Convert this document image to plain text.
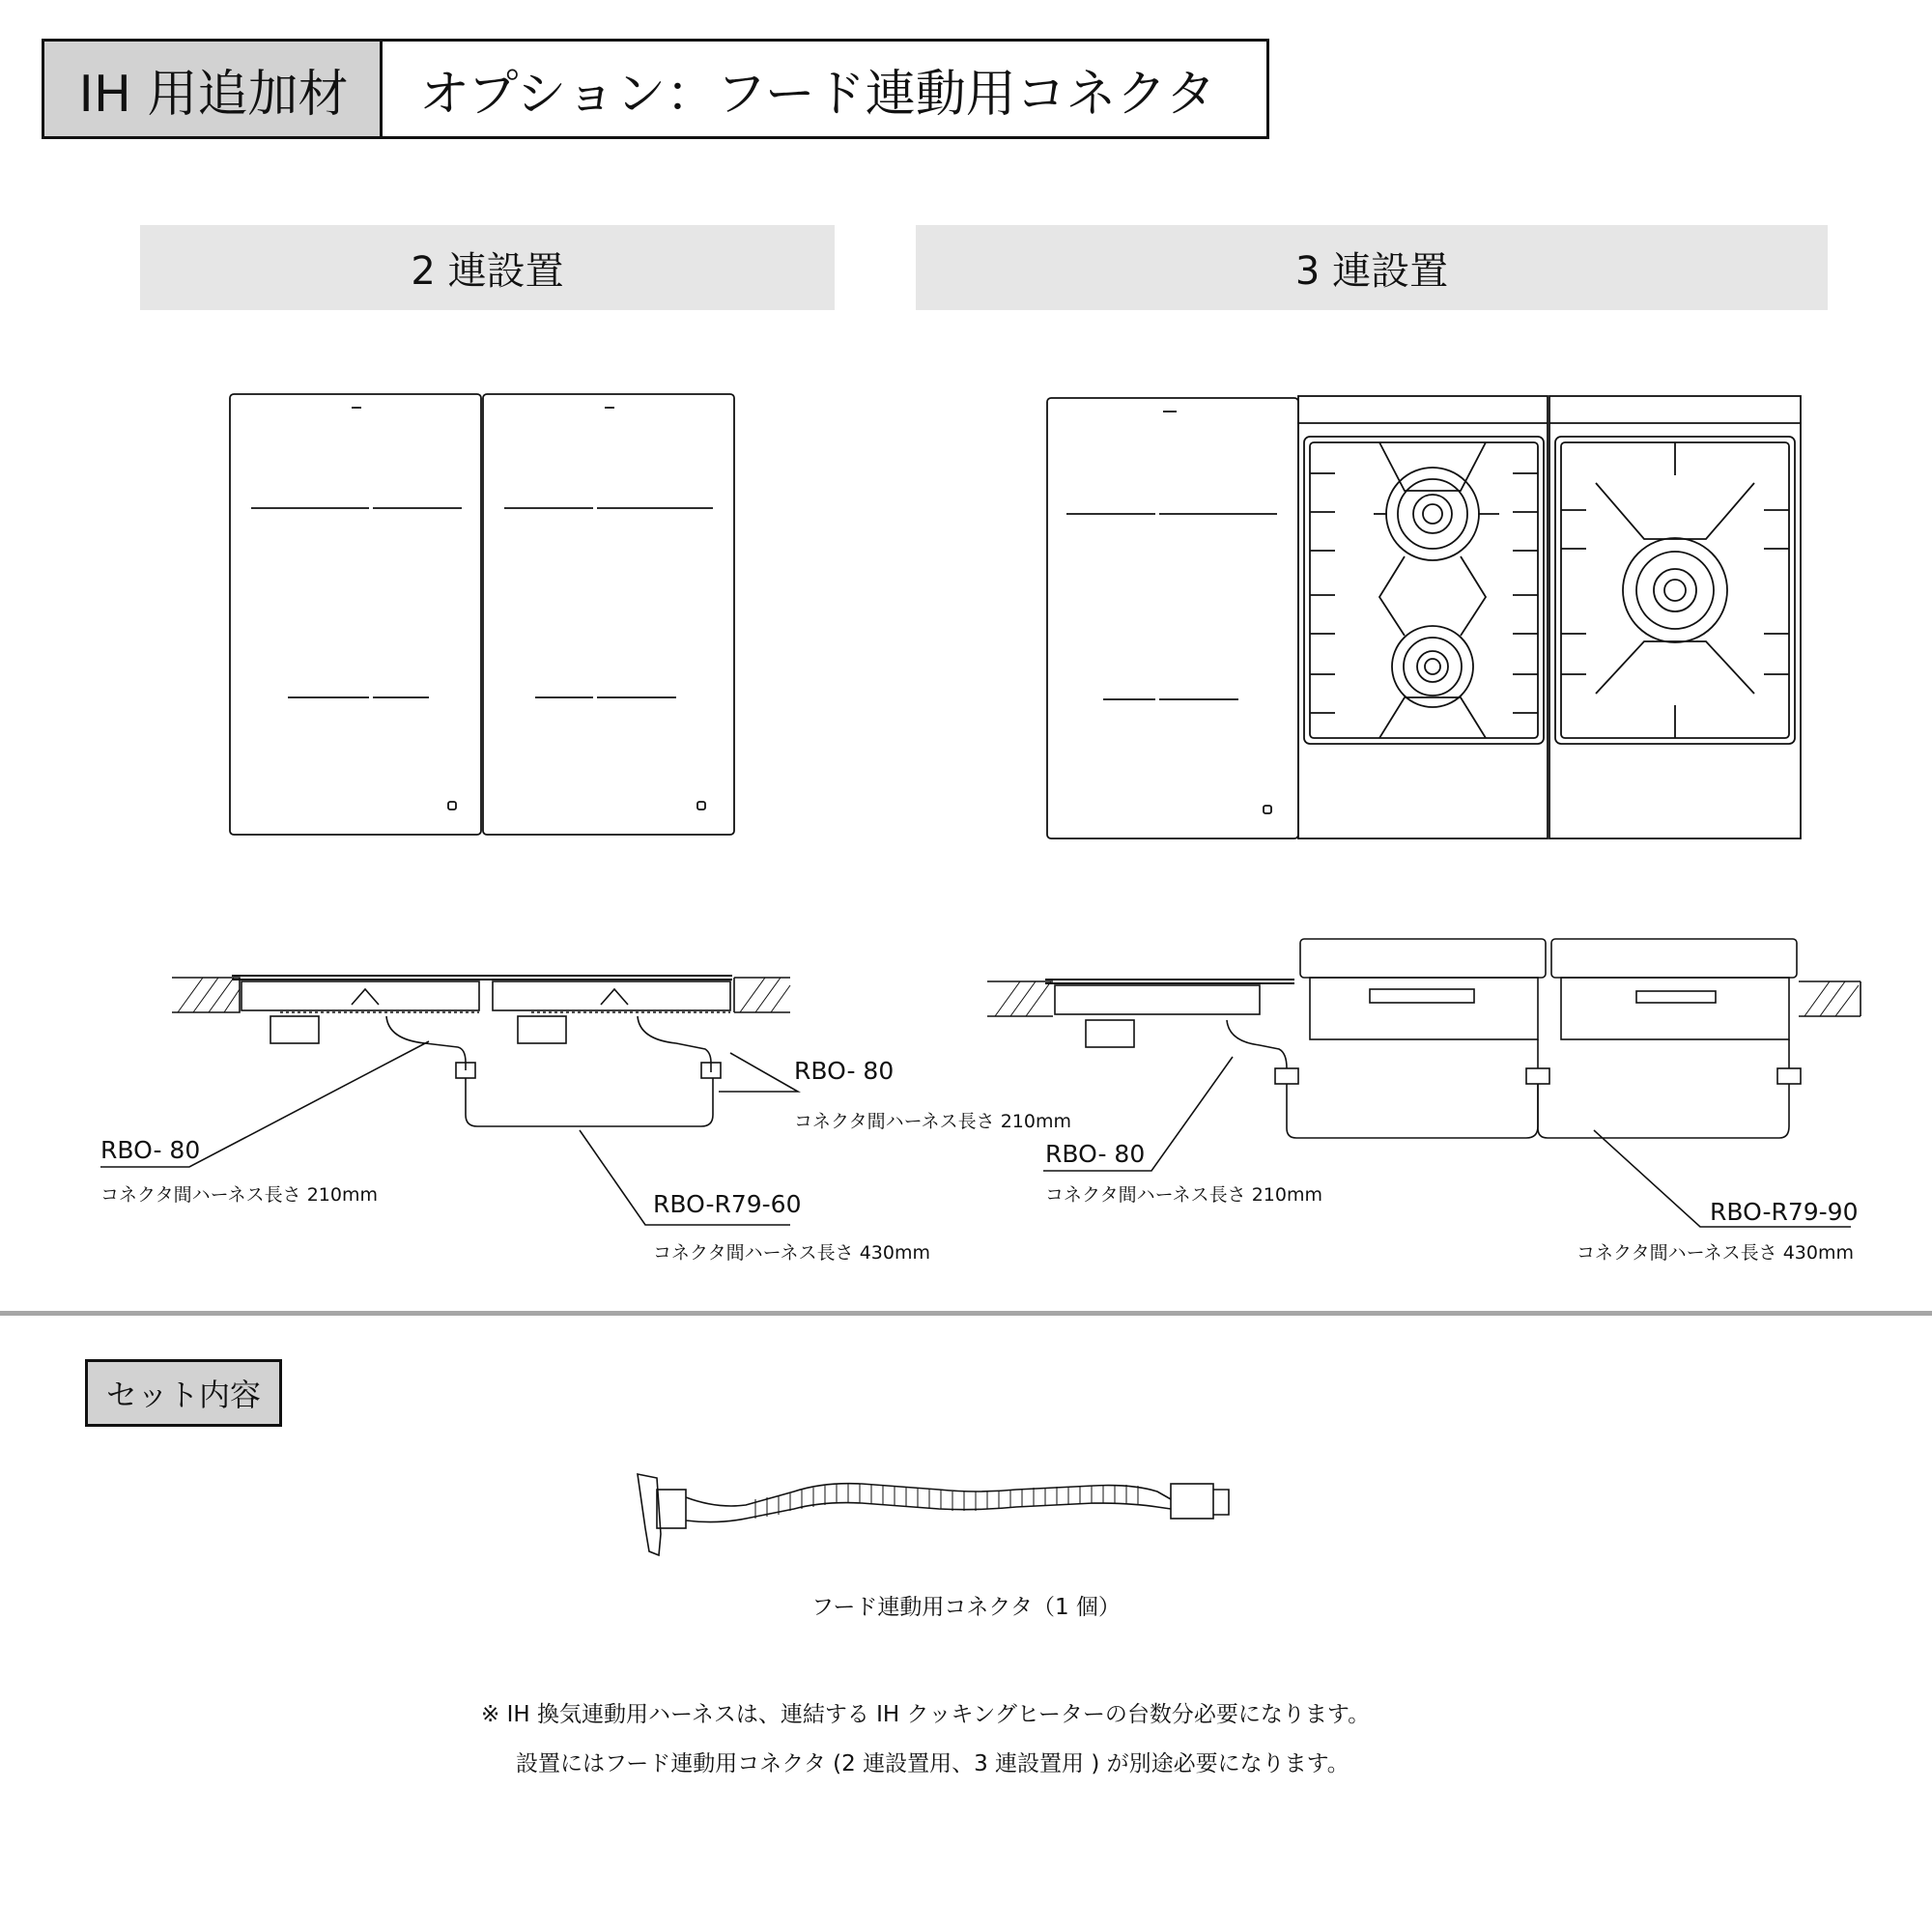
IH 用追加材 オプション：フード連動用コネクタ
2 連設置	3 連設置
RBO- 80
コネクタ間ハーネス長さ 210mm
RBO- 80
コネクタ間ハーネス長さ 210mm	RBO-R79-60
コネクタ間ハーネス長さ 430mm
RBO- 80
コネクタ間ハーネス長さ 210mm
RBO-R79-90
コネクタ間ハーネス長さ 430mm
セット内容
フード連動用コネクタ（1 個）
※ IH 換気連動用ハーネスは、連結する IH クッキングヒーターの台数分必要になります。
設置にはフード連動用コネクタ (2 連設置用、3 連設置用 ) が別途必要になります。
